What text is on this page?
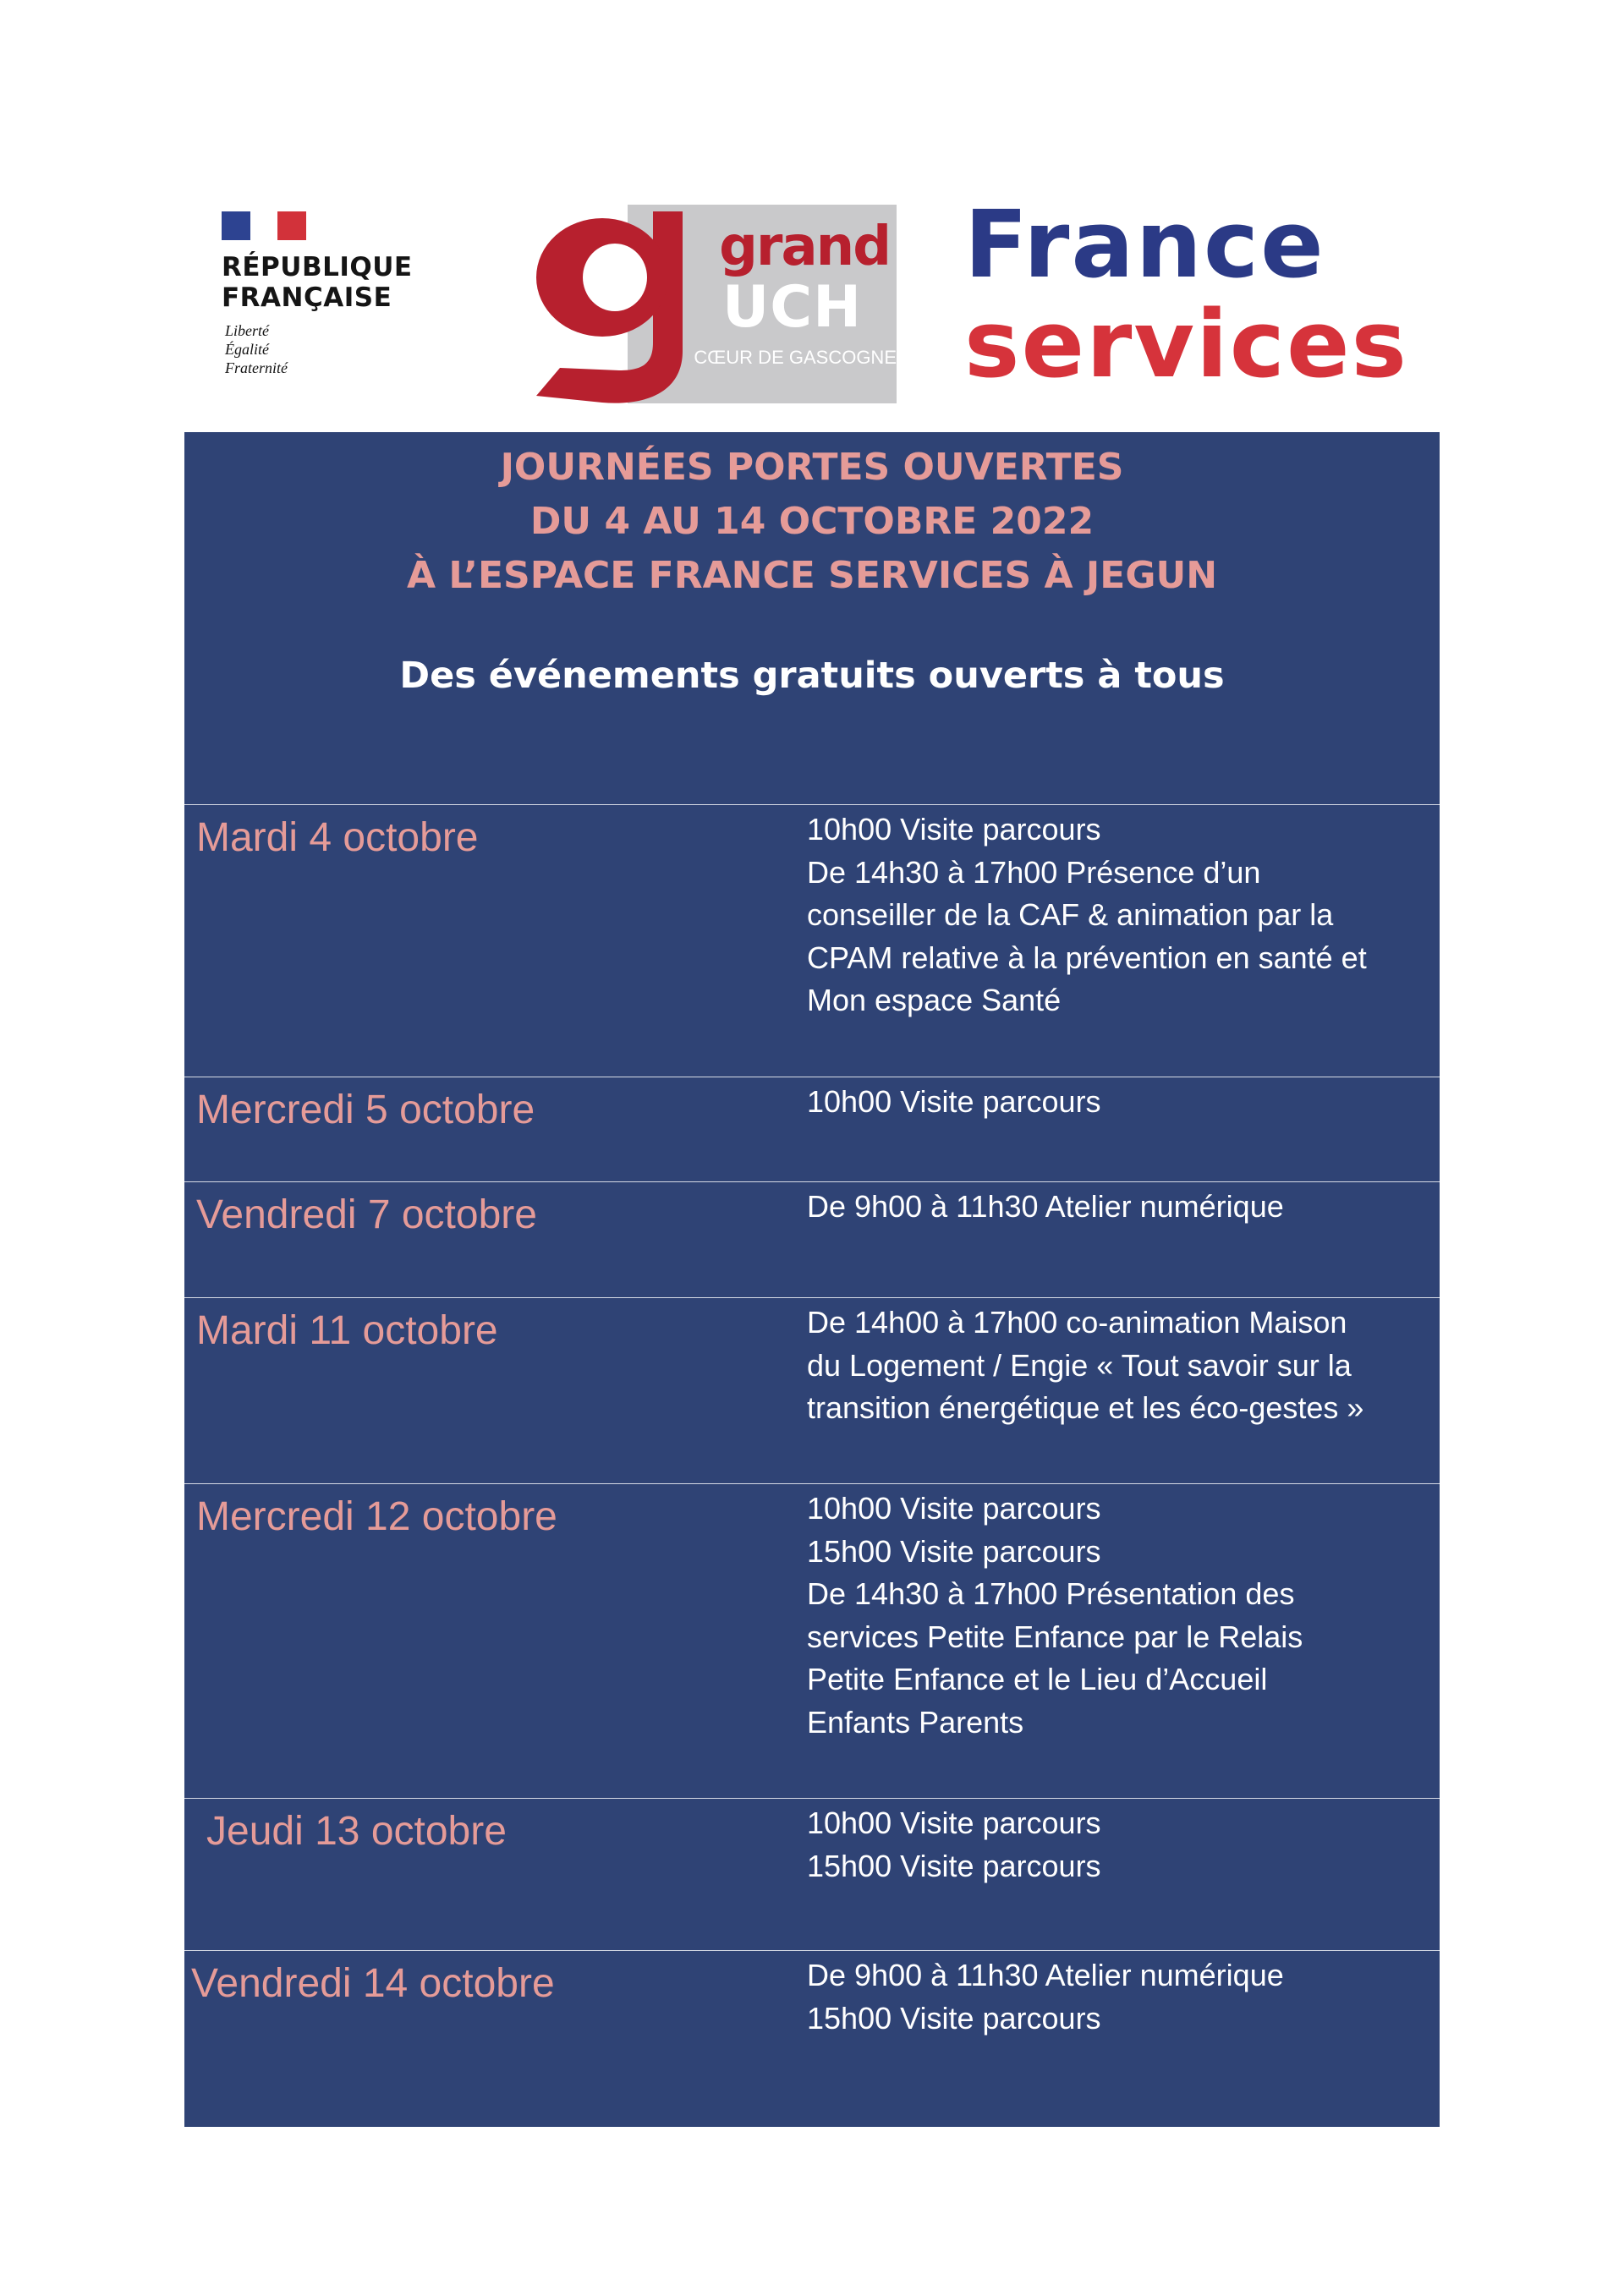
RÉPUBLIQUE
FRANÇAISE
Liberté
Égalité
Fraternité
grand
UCH
CŒUR DE GASCOGNE
France
services
JOURNÉES PORTES OUVERTES
DU 4 AU 14 OCTOBRE 2022
À L’ESPACE FRANCE SERVICES À JEGUN
Des événements gratuits ouverts à tous
Mardi 4 octobre	10h00 Visite parcours
De 14h30 à 17h00 Présence d’un
conseiller de la CAF & animation par la
CPAM relative à la prévention en santé et
Mon espace Santé
Mercredi 5 octobre	10h00 Visite parcours
Vendredi 7 octobre	De 9h00 à 11h30 Atelier numérique
Mardi 11 octobre	De 14h00 à 17h00 co-animation Maison
du Logement / Engie « Tout savoir sur la
transition énergétique et les éco-gestes »
Mercredi 12 octobre	10h00 Visite parcours
15h00 Visite parcours
De 14h30 à 17h00 Présentation des
services Petite Enfance par le Relais
Petite Enfance et le Lieu d’Accueil
Enfants Parents
Jeudi 13 octobre	10h00 Visite parcours
15h00 Visite parcours
Vendredi 14 octobre	De 9h00 à 11h30 Atelier numérique
15h00 Visite parcours
